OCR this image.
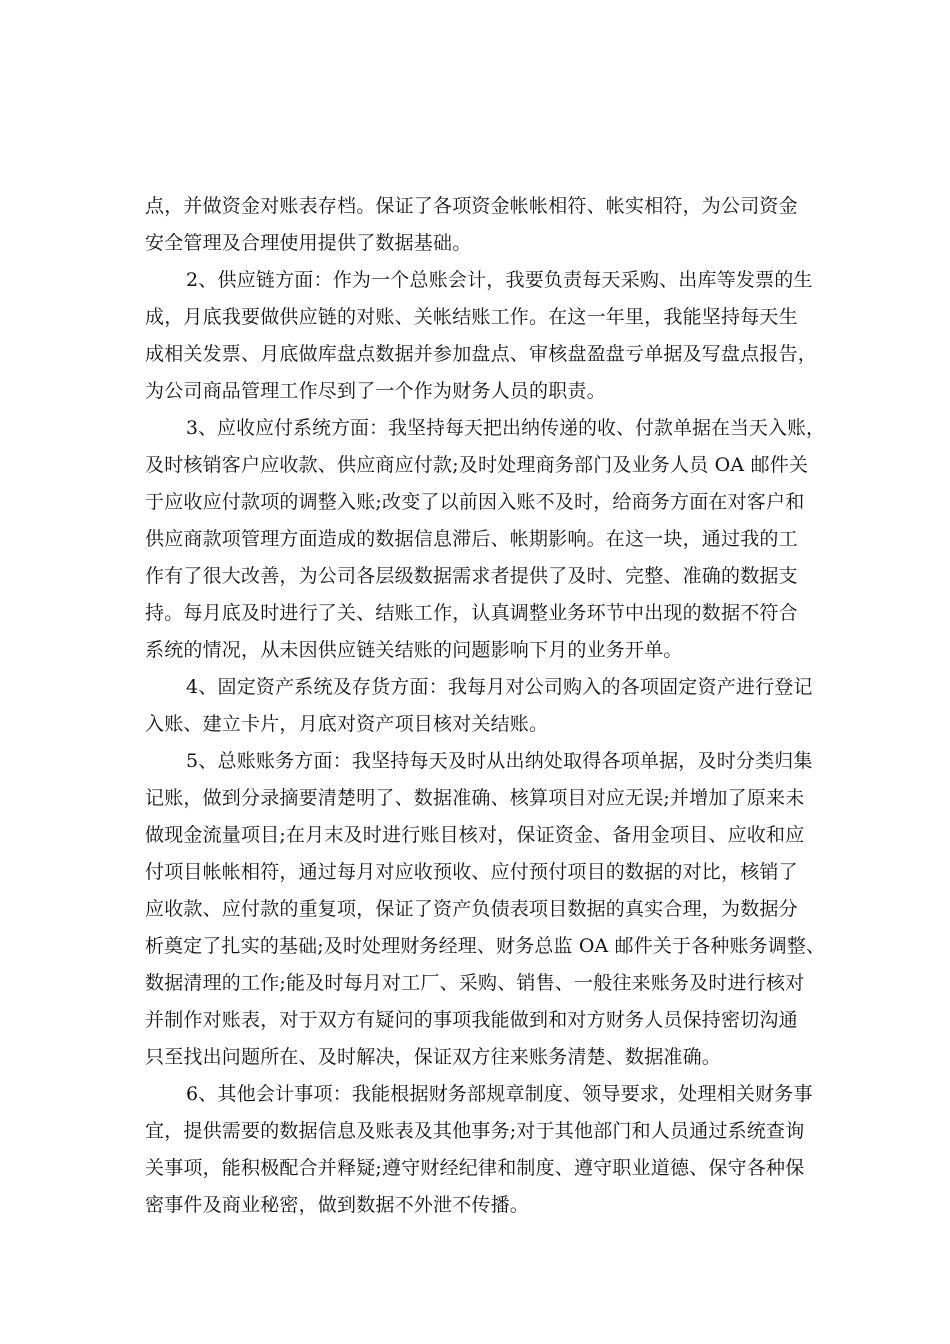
点，并做资金对账表存档。保证了各项资金帐帐相符、帐实相符，为公司资金
安全管理及合理使用提供了数据基础。
2、供应链方面：作为一个总账会计，我要负责每天采购、出库等发票的生
成，月底我要做供应链的对账、关帐结账工作。在这一年里，我能坚持每天生
成相关发票、月底做库盘点数据并参加盘点、审核盘盈盘亏单据及写盘点报告，
为公司商品管理工作尽到了一个作为财务人员的职责。
3、应收应付系统方面：我坚持每天把出纳传递的收、付款单据在当天入账，
及时核销客户应收款、供应商应付款;及时处理商务部门及业务人员 OA 邮件关
于应收应付款项的调整入账;改变了以前因入账不及时，给商务方面在对客户和
供应商款项管理方面造成的数据信息滞后、帐期影响。在这一块，通过我的工
作有了很大改善，为公司各层级数据需求者提供了及时、完整、准确的数据支
持。每月底及时进行了关、结账工作，认真调整业务环节中出现的数据不符合
系统的情况，从未因供应链关结账的问题影响下月的业务开单。
4、固定资产系统及存货方面：我每月对公司购入的各项固定资产进行登记
入账、建立卡片，月底对资产项目核对关结账。
5、总账账务方面：我坚持每天及时从出纳处取得各项单据，及时分类归集
记账，做到分录摘要清楚明了、数据准确、核算项目对应无误;并增加了原来未
做现金流量项目;在月末及时进行账目核对，保证资金、备用金项目、应收和应
付项目帐帐相符，通过每月对应收预收、应付预付项目的数据的对比，核销了
应收款、应付款的重复项，保证了资产负债表项目数据的真实合理，为数据分
析奠定了扎实的基础;及时处理财务经理、财务总监 OA 邮件关于各种账务调整、
数据清理的工作;能及时每月对工厂、采购、销售、一般往来账务及时进行核对
并制作对账表，对于双方有疑问的事项我能做到和对方财务人员保持密切沟通
只至找出问题所在、及时解决，保证双方往来账务清楚、数据准确。
6、其他会计事项：我能根据财务部规章制度、领导要求，处理相关财务事
宜，提供需要的数据信息及账表及其他事务;对于其他部门和人员通过系统查询
关事项，能积极配合并释疑;遵守财经纪律和制度、遵守职业道德、保守各种保
密事件及商业秘密，做到数据不外泄不传播。
